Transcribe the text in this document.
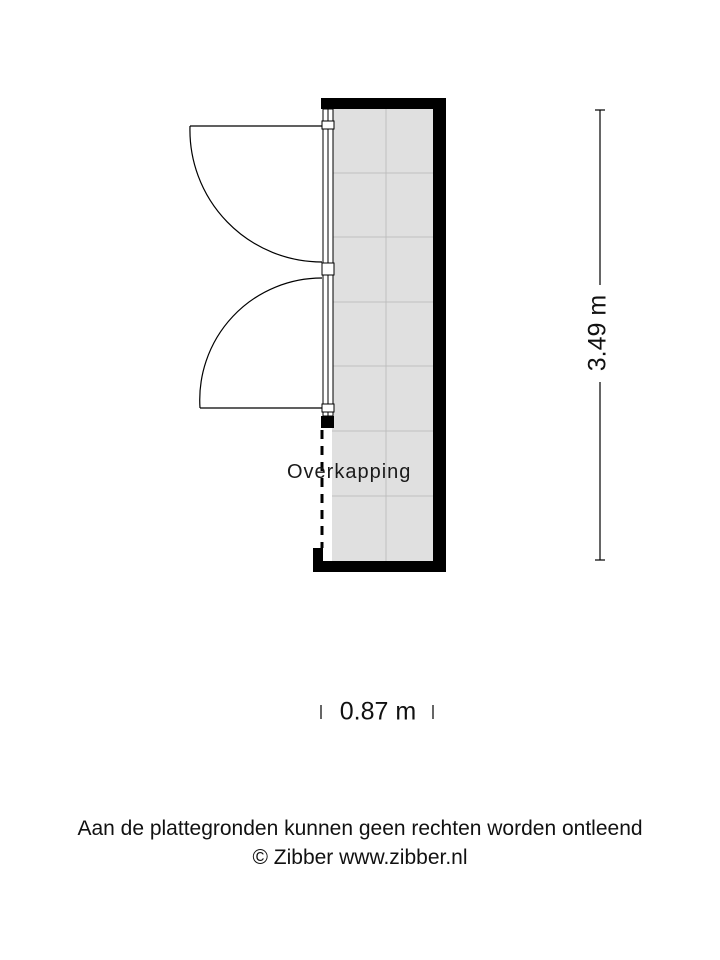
Overkapping
3.49 m
0.87 m
Aan de plattegronden kunnen geen rechten worden ontleend
© Zibber www.zibber.nl
